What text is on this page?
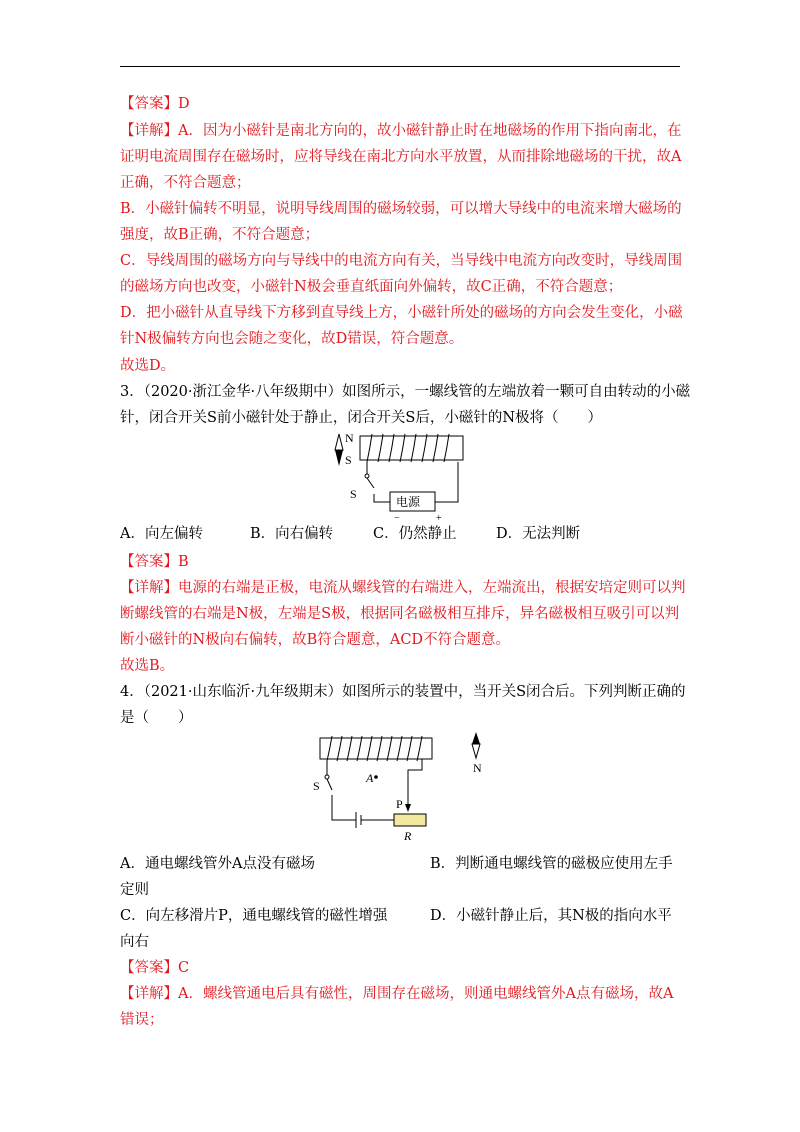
【答案】D
【详解】A．因为小磁针是南北方向的，故小磁针静止时在地磁场的作用下指向南北，在
证明电流周围存在磁场时，应将导线在南北方向水平放置，从而排除地磁场的干扰，故A
正确，不符合题意；
B．小磁针偏转不明显，说明导线周围的磁场较弱，可以增大导线中的电流来增大磁场的
强度，故B正确，不符合题意；
C．导线周围的磁场方向与导线中的电流方向有关，当导线中电流方向改变时，导线周围
的磁场方向也改变，小磁针N极会垂直纸面向外偏转，故C正确，不符合题意；
D．把小磁针从直导线下方移到直导线上方，小磁针所处的磁场的方向会发生变化，小磁
针N极偏转方向也会随之变化，故D错误，符合题意。
故选D。
3．（2020·浙江金华·八年级期中）如图所示，一螺线管的左端放着一颗可自由转动的小磁
针，闭合开关S前小磁针处于静止，闭合开关S后，小磁针的N极将（　　）
N
S
S
电源
−	+
A．向左偏转	B．向右偏转	C．仍然静止	D．无法判断
【答案】B
【详解】电源的右端是正极，电流从螺线管的右端进入，左端流出，根据安培定则可以判
断螺线管的右端是N极，左端是S极，根据同名磁极相互排斥，异名磁极相互吸引可以判
断小磁针的N极向右偏转，故B符合题意，ACD不符合题意。
故选B。
4．（2021·山东临沂·九年级期末）如图所示的装置中，当开关S闭合后。下列判断正确的
是（　　）
N
S
A
P
R
A．通电螺线管外A点没有磁场	B．判断通电螺线管的磁极应使用左手
定则
C．向左移滑片P，通电螺线管的磁性增强	D．小磁针静止后，其N极的指向水平
向右
【答案】C
【详解】A．螺线管通电后具有磁性，周围存在磁场，则通电螺线管外A点有磁场，故A
错误；
